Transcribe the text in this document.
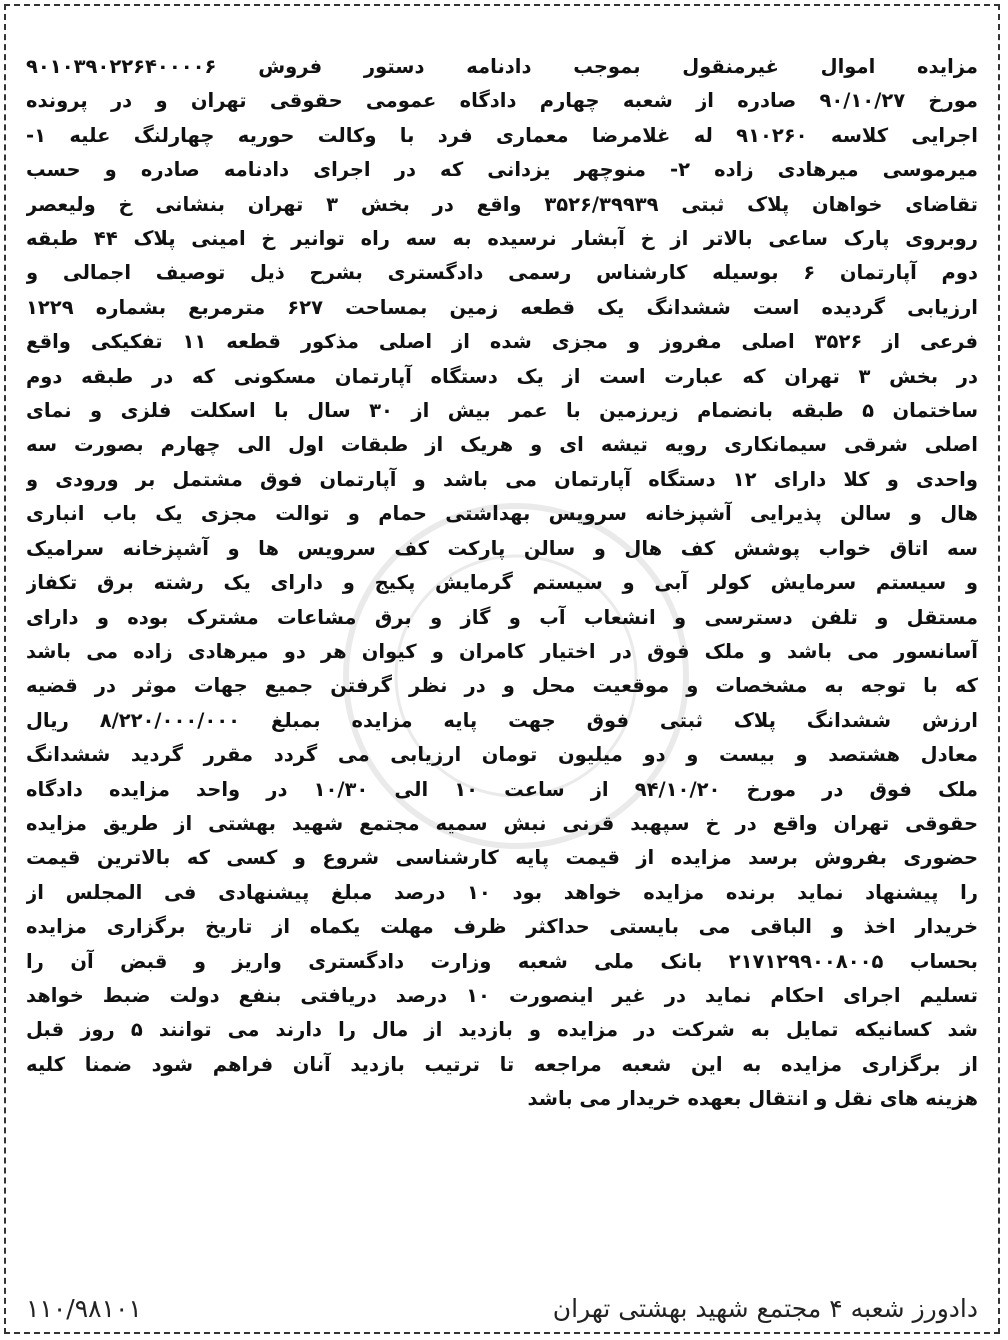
مزایده اموال غیرمنقول بموجب دادنامه دستور فروش ۹۰۱۰۳۹۰۲۲۶۴۰۰۰۰۶
مورخ ۹۰/۱۰/۲۷ صادره از شعبه چهارم دادگاه عمومی حقوقی تهران و در پرونده
اجرایی کلاسه ۹۱۰۲۶۰ له غلامرضا معماری فرد با وکالت حوریه چهارلنگ علیه ۱-
میرموسی میرهادی زاده ۲- منوچهر یزدانی که در اجرای دادنامه صادره و حسب
تقاضای خواهان پلاک ثبتی ۳۵۲۶/۳۹۹۳۹ واقع در بخش ۳ تهران بنشانی خ ولیعصر
روبروی پارک ساعی بالاتر از خ آبشار نرسیده به سه راه توانیر خ امینی پلاک ۴۴ طبقه
دوم آپارتمان ۶ بوسیله کارشناس رسمی دادگستری بشرح ذیل توصیف اجمالی و
ارزیابی گردیده است ششدانگ یک قطعه زمین بمساحت ۶۲۷ مترمربع بشماره ۱۲۲۹
فرعی از ۳۵۲۶ اصلی مفروز و مجزی شده از اصلی مذکور قطعه ۱۱ تفکیکی واقع
در بخش ۳ تهران که عبارت است از یک دستگاه آپارتمان مسکونی که در طبقه دوم
ساختمان ۵ طبقه بانضمام زیرزمین با عمر بیش از ۳۰ سال با اسکلت فلزی و نمای
اصلی شرقی سیمانکاری رویه تیشه ای و هریک از طبقات اول الی چهارم بصورت سه
واحدی و کلا دارای ۱۲ دستگاه آپارتمان می باشد و آپارتمان فوق مشتمل بر ورودی و
هال و سالن پذیرایی آشپزخانه سرویس بهداشتی حمام و توالت مجزی یک باب انباری
سه اتاق خواب پوشش کف هال و سالن پارکت کف سرویس ها و آشپزخانه سرامیک
و سیستم سرمایش کولر آبی و سیستم گرمایش پکیج و دارای یک رشته برق تکفاز
مستقل و تلفن دسترسی و انشعاب آب و گاز و برق مشاعات مشترک بوده و دارای
آسانسور می باشد و ملک فوق در اختیار کامران و کیوان هر دو میرهادی زاده می باشد
که با توجه به مشخصات و موقعیت محل و در نظر گرفتن جمیع جهات موثر در قضیه
ارزش ششدانگ پلاک ثبتی فوق جهت پایه مزایده بمبلغ ۸/۲۲۰/۰۰۰/۰۰۰ ریال
معادل هشتصد و بیست و دو میلیون تومان ارزیابی می گردد مقرر گردید ششدانگ
ملک فوق در مورخ ۹۴/۱۰/۲۰ از ساعت ۱۰ الی ۱۰/۳۰ در واحد مزایده دادگاه
حقوقی تهران واقع در خ سپهبد قرنی نبش سمیه مجتمع شهید بهشتی از طریق مزایده
حضوری بفروش برسد مزایده از قیمت پایه کارشناسی شروع و کسی که بالاترین قیمت
را پیشنهاد نماید برنده مزایده خواهد بود ۱۰ درصد مبلغ پیشنهادی فی المجلس از
خریدار اخذ و الباقی می بایستی حداکثر ظرف مهلت یکماه از تاریخ برگزاری مزایده
بحساب ۲۱۷۱۲۹۹۰۰۸۰۰۵ بانک ملی شعبه وزارت دادگستری واریز و قبض آن را
تسلیم اجرای احکام نماید در غیر اینصورت ۱۰ درصد دریافتی بنفع دولت ضبط خواهد
شد کسانیکه تمایل به شرکت در مزایده و بازدید از مال را دارند می توانند ۵ روز قبل
از برگزاری مزایده به این شعبه مراجعه تا ترتیب بازدید آنان فراهم شود ضمنا کلیه
هزینه های نقل و انتقال بعهده خریدار می باشد
دادورز شعبه ۴ مجتمع شهید بهشتی تهران
۱۱۰/۹۸۱۰۱
